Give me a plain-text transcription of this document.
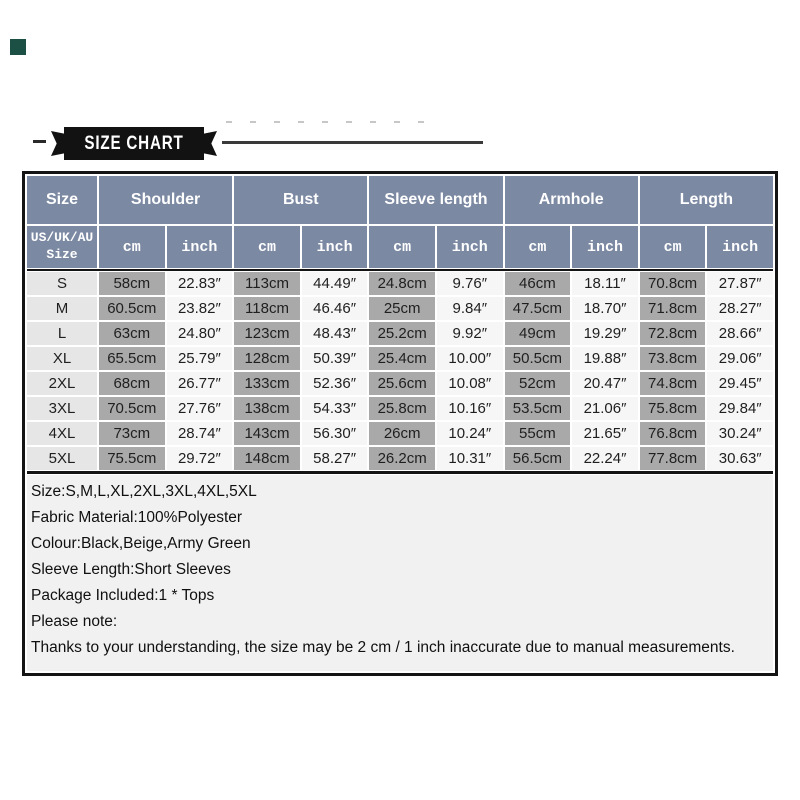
SIZE CHART
Size	Shoulder	Bust	Sleeve length	Armhole	Length
US/UK/AU
Size	cm	inch	cm	inch	cm	inch	cm	inch	cm	inch
S	58cm	22.83″	113cm	44.49″	24.8cm	9.76″	46cm	18.11″	70.8cm	27.87″
M	60.5cm	23.82″	118cm	46.46″	25cm	9.84″	47.5cm	18.70″	71.8cm	28.27″
L	63cm	24.80″	123cm	48.43″	25.2cm	9.92″	49cm	19.29″	72.8cm	28.66″
XL	65.5cm	25.79″	128cm	50.39″	25.4cm	10.00″	50.5cm	19.88″	73.8cm	29.06″
2XL	68cm	26.77″	133cm	52.36″	25.6cm	10.08″	52cm	20.47″	74.8cm	29.45″
3XL	70.5cm	27.76″	138cm	54.33″	25.8cm	10.16″	53.5cm	21.06″	75.8cm	29.84″
4XL	73cm	28.74″	143cm	56.30″	26cm	10.24″	55cm	21.65″	76.8cm	30.24″
5XL	75.5cm	29.72″	148cm	58.27″	26.2cm	10.31″	56.5cm	22.24″	77.8cm	30.63″
Size:S,M,L,XL,2XL,3XL,4XL,5XL
Fabric Material:100%Polyester
Colour:Black,Beige,Army Green
Sleeve Length:Short Sleeves
Package Included:1 * Tops
Please note:
Thanks to your understanding, the size may be 2 cm / 1 inch inaccurate due to manual measurements.
